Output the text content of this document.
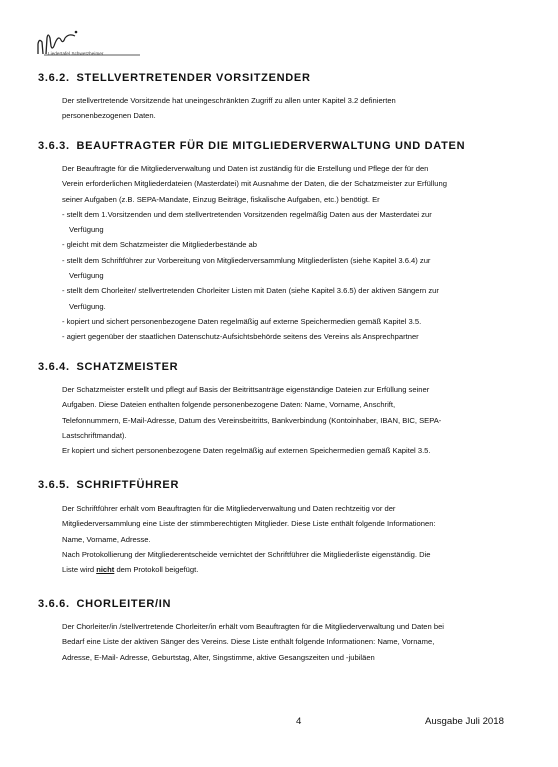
Liedertafel Schwetzheimer
3.6.2. STELLVERTRETENDER VORSITZENDER
Der stellvertretende Vorsitzende hat uneingeschränkten Zugriff zu allen unter Kapitel 3.2 definierten
personenbezogenen Daten.
3.6.3. BEAUFTRAGTER FÜR DIE MITGLIEDERVERWALTUNG UND DATEN
Der Beauftragte für die Mitgliederverwaltung und Daten ist zuständig für die Erstellung und Pflege der für den
Verein erforderlichen Mitgliederdateien (Masterdatei) mit Ausnahme der Daten, die der Schatzmeister zur Erfüllung
seiner Aufgaben (z.B. SEPA-Mandate, Einzug Beiträge, fiskalische Aufgaben, etc.) benötigt. Er
- stellt dem 1.Vorsitzenden und dem stellvertretenden Vorsitzenden regelmäßig Daten aus der Masterdatei zur
Verfügung
- gleicht mit dem Schatzmeister die Mitgliederbestände ab
- stellt dem Schriftführer zur Vorbereitung von Mitgliederversammlung Mitgliederlisten (siehe Kapitel 3.6.4) zur
Verfügung
- stellt dem Chorleiter/ stellvertretenden Chorleiter Listen mit Daten (siehe Kapitel 3.6.5) der aktiven Sängern zur
Verfügung.
- kopiert und sichert personenbezogene Daten regelmäßig auf externe Speichermedien gemäß Kapitel 3.5.
- agiert gegenüber der staatlichen Datenschutz-Aufsichtsbehörde seitens des Vereins als Ansprechpartner
3.6.4. SCHATZMEISTER
Der Schatzmeister erstellt und pflegt auf Basis der Beitrittsanträge eigenständige Dateien zur Erfüllung seiner
Aufgaben. Diese Dateien enthalten folgende personenbezogene Daten: Name, Vorname, Anschrift,
Telefonnummern, E-Mail-Adresse, Datum des Vereinsbeitritts, Bankverbindung (Kontoinhaber, IBAN, BIC, SEPA-
Lastschriftmandat).
Er kopiert und sichert personenbezogene Daten regelmäßig auf externen Speichermedien gemäß Kapitel 3.5.
3.6.5. SCHRIFTFÜHRER
Der Schriftführer erhält vom Beauftragten für die Mitgliederverwaltung und Daten rechtzeitig vor der
Mitgliederversammlung eine Liste der stimmberechtigten Mitglieder. Diese Liste enthält folgende Informationen:
Name, Vorname, Adresse.
Nach Protokollierung der Mitgliederentscheide vernichtet der Schriftführer die Mitgliederliste eigenständig. Die
Liste wird nicht dem Protokoll beigefügt.
3.6.6. CHORLEITER/IN
Der Chorleiter/in /stellvertretende Chorleiter/in erhält vom Beauftragten für die Mitgliederverwaltung und Daten bei
Bedarf eine Liste der aktiven Sänger des Vereins. Diese Liste enthält folgende Informationen: Name, Vorname,
Adresse, E-Mail- Adresse, Geburtstag, Alter, Singstimme, aktive Gesangszeiten und -jubiläen
4	Ausgabe Juli 2018
